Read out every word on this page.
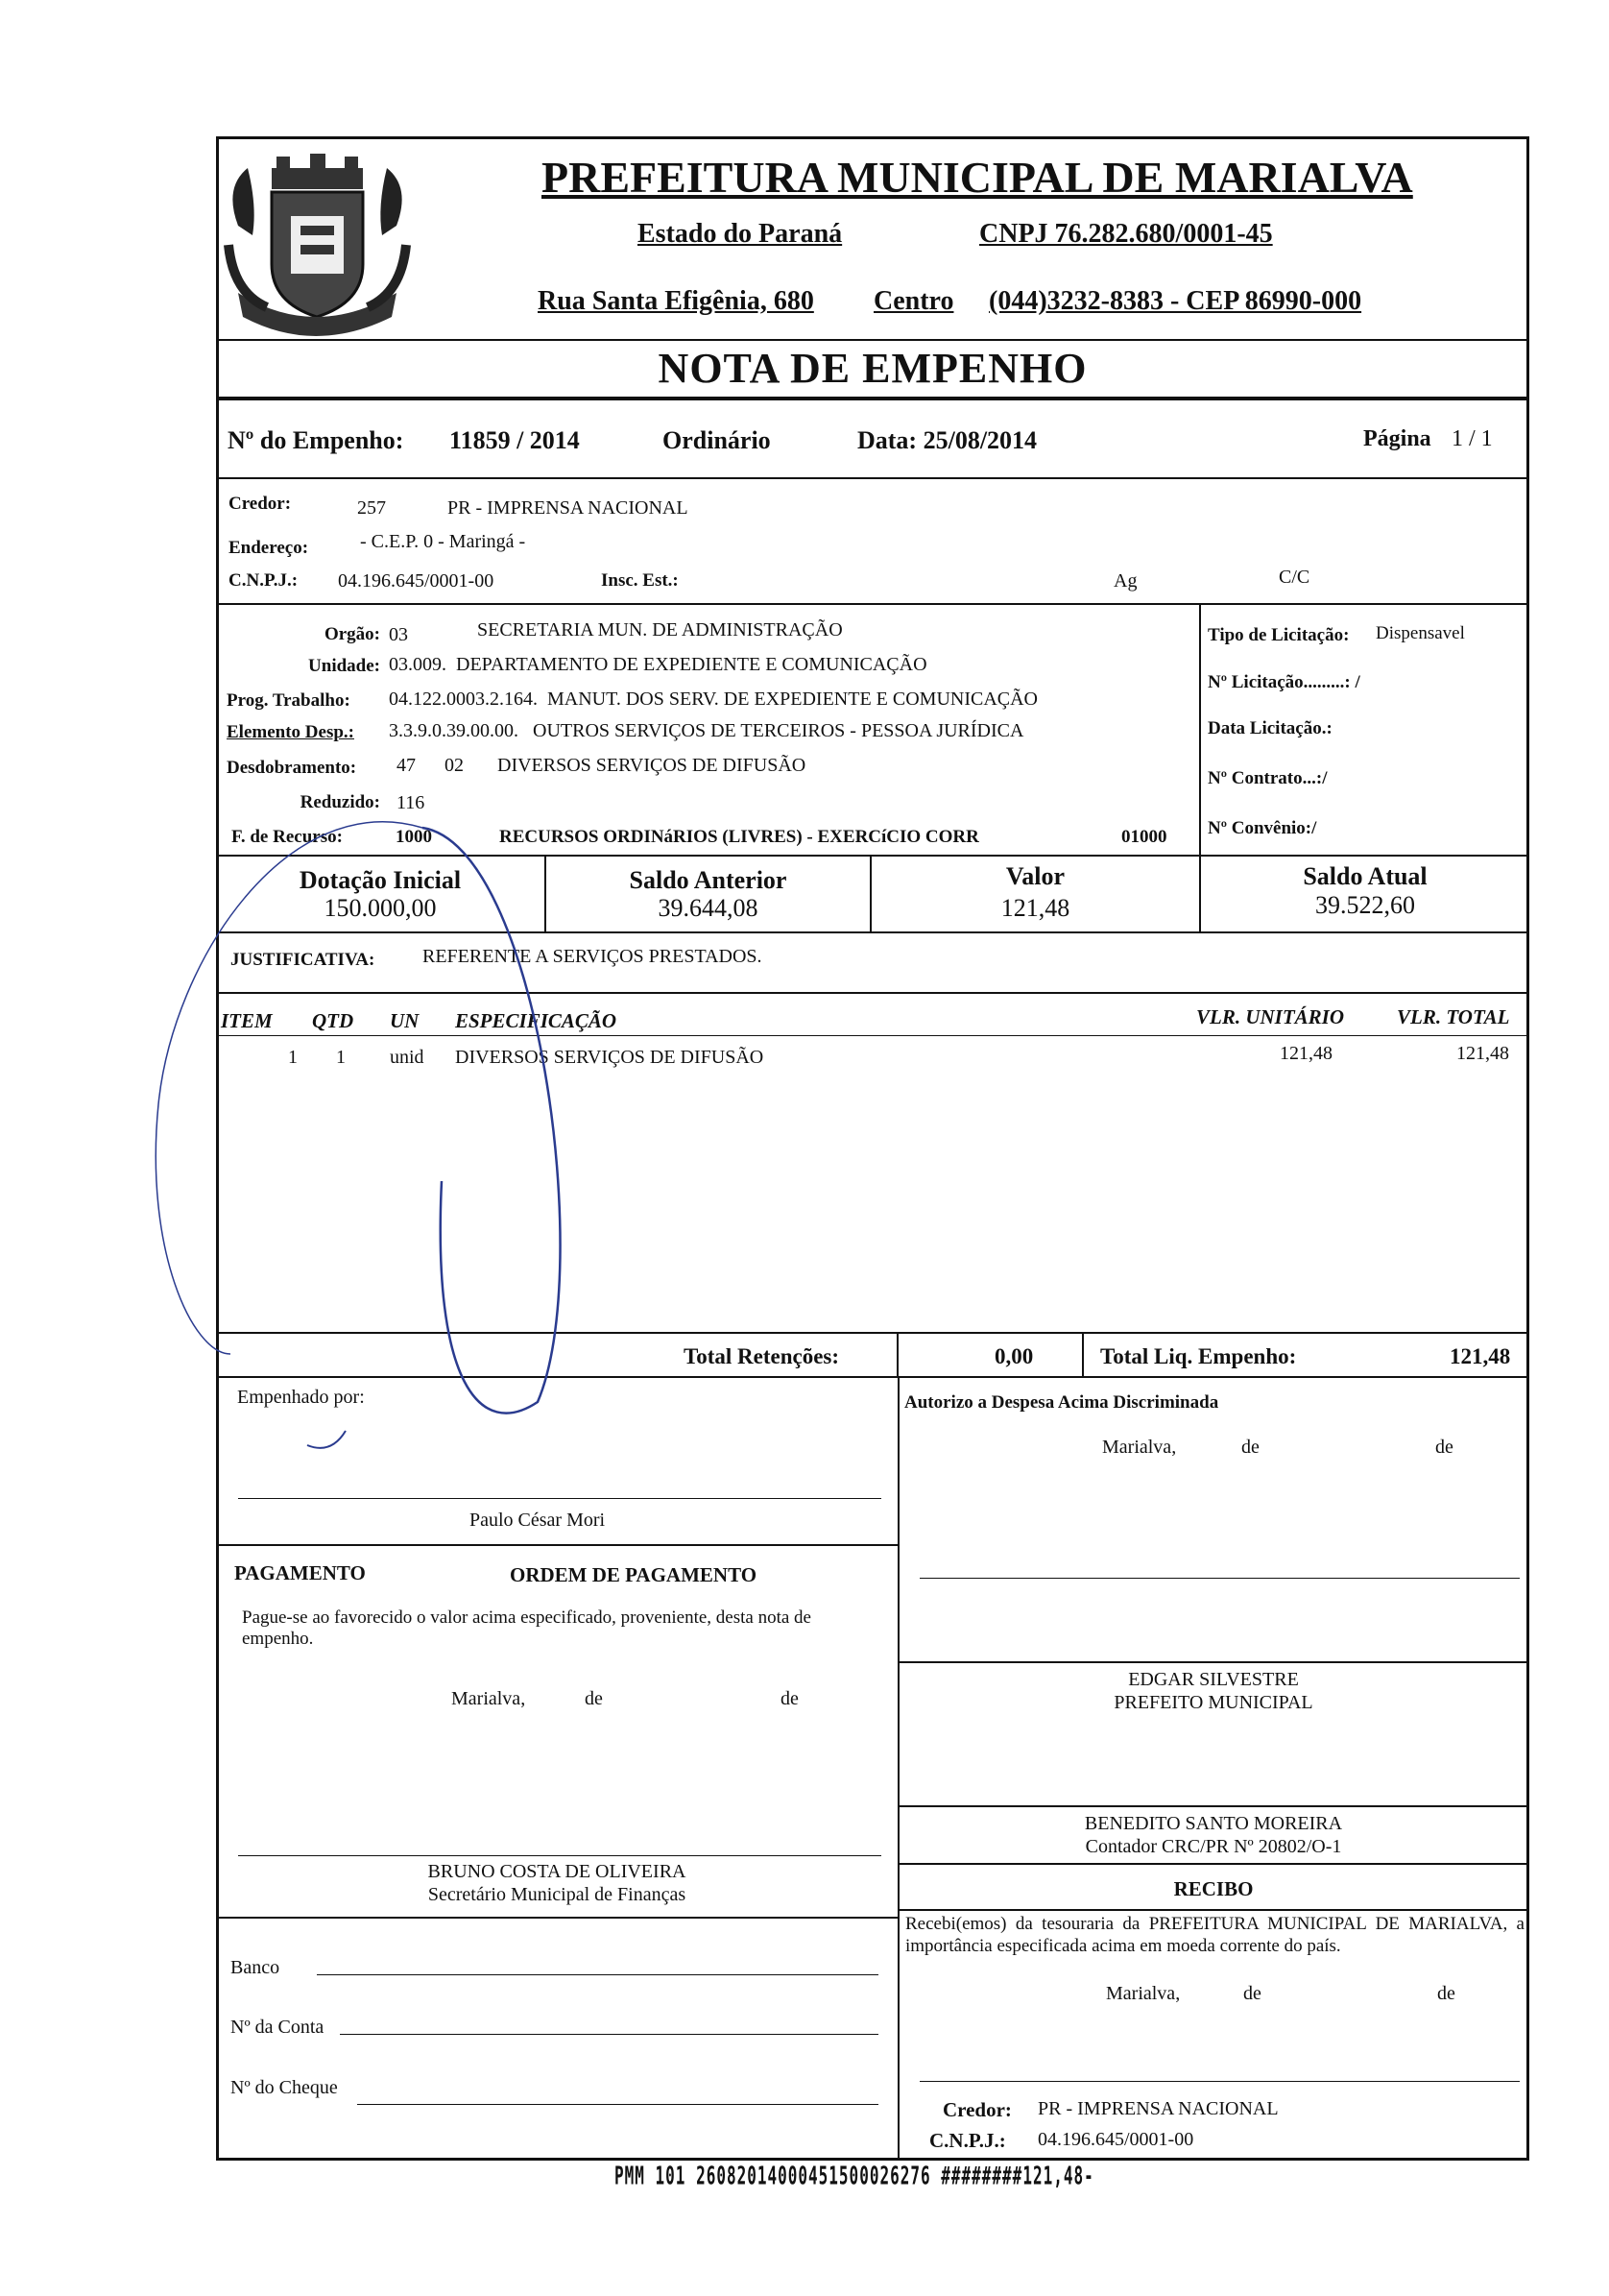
PREFEITURA MUNICIPAL DE MARIALVA
Estado do Paraná	CNPJ 76.282.680/0001-45
Rua Santa Efigênia, 680 Centro (044)3232-8383 - CEP 86990-000
NOTA DE EMPENHO
Nº do Empenho: 11859 / 2014	Ordinário	Data: 25/08/2014	Página 1 / 1
Credor:	257	PR - IMPRENSA NACIONAL
Endereço:	- C.E.P. 0 - Maringá -
C.N.P.J.: 04.196.645/0001-00	Insc. Est.:	Ag	C/C
Orgão: 03	SECRETARIA MUN. DE ADMINISTRAÇÃO
Unidade: 03.009.  DEPARTAMENTO DE EXPEDIENTE E COMUNICAÇÃO
Prog. Trabalho: 04.122.0003.2.164.  MANUT. DOS SERV. DE EXPEDIENTE E COMUNICAÇÃO
Elemento Desp.: 3.3.9.0.39.00.00.   OUTROS SERVIÇOS DE TERCEIROS - PESSOA JURÍDICA
Desdobramento: 47      02       DIVERSOS SERVIÇOS DE DIFUSÃO
Reduzido: 116
F. de Recurso:	1000	RECURSOS ORDINáRIOS (LIVRES) - EXERCíCIO CORR	01000
Tipo de Licitação: Dispensavel
Nº Licitação.........: /
Data Licitação.:
Nº Contrato...:/
Nº Convênio:/
Dotação Inicial
150.000,00
Saldo Anterior
39.644,08
Valor
121,48
Saldo Atual
39.522,60
JUSTIFICATIVA: REFERENTE A SERVIÇOS PRESTADOS.
ITEM QTD UN ESPECIFICAÇÃO	VLR. UNITÁRIO	VLR. TOTAL
1 1 unid DIVERSOS SERVIÇOS DE DIFUSÃO	121,48	121,48
Total Retenções:	0,00	Total Liq. Empenho:	121,48
Empenhado por:
Paulo César Mori
Autorizo a Despesa Acima Discriminada
Marialva,	de	de
PAGAMENTO	ORDEM DE PAGAMENTO
Pague-se ao favorecido o valor acima especificado, proveniente, desta nota de empenho.
Marialva,	de	de
EDGAR SILVESTRE
PREFEITO MUNICIPAL
BENEDITO SANTO MOREIRA
Contador CRC/PR Nº 20802/O-1
RECIBO
Recebi(emos) da tesouraria da PREFEITURA MUNICIPAL DE MARIALVA, a importância especificada acima em moeda corrente do país.
Marialva,	de	de
BRUNO COSTA DE OLIVEIRA
Secretário Municipal de Finanças
Banco
Nº da Conta
Nº do Cheque
Credor: PR - IMPRENSA NACIONAL
C.N.P.J.: 04.196.645/0001-00
PMM 101 26082014000451500026276 ########121,48-
